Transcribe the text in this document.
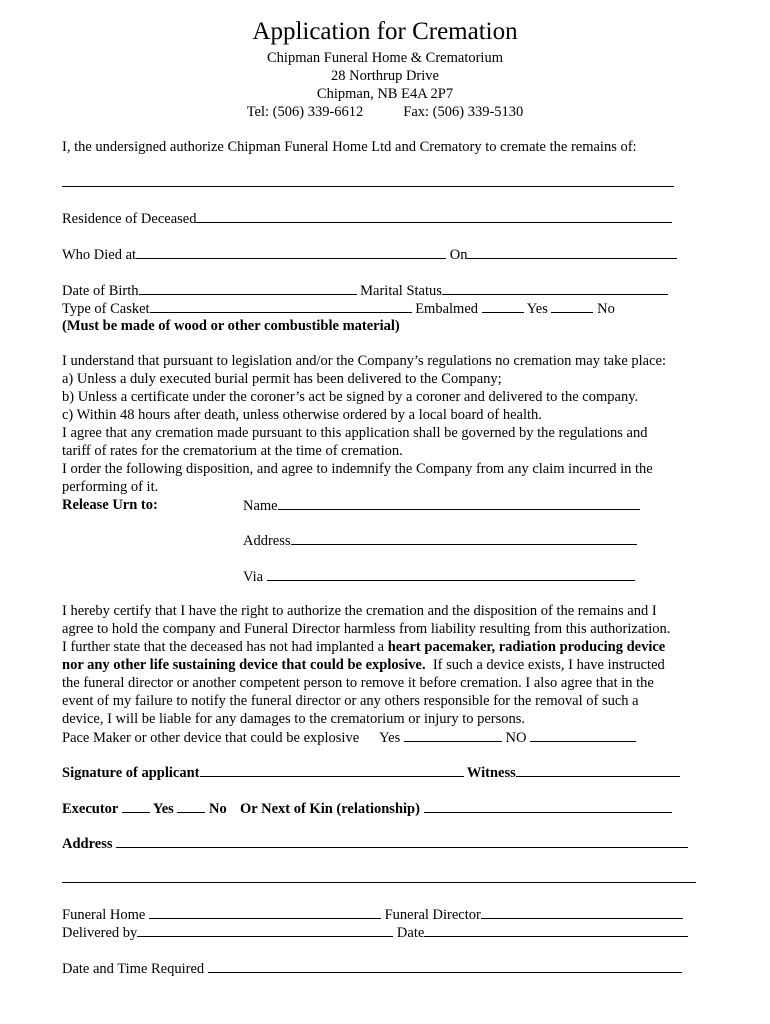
Application for Cremation
Chipman Funeral Home & Crematorium
28 Northrup Drive
Chipman, NB E4A 2P7
Tel: (506) 339-6612	Fax: (506) 339-5130
I, the undersigned authorize Chipman Funeral Home Ltd and Crematory to cremate the remains of:
Residence of Deceased
Who Died at	On
Date of Birth	Marital Status
Type of Casket	Embalmed	Yes	No
(Must be made of wood or other combustible material)
I understand that pursuant to legislation and/or the Company’s regulations no cremation may take place:
a) Unless a duly executed burial permit has been delivered to the Company;
b) Unless a certificate under the coroner’s act be signed by a coroner and delivered to the company.
c) Within 48 hours after death, unless otherwise ordered by a local board of health.
I agree that any cremation made pursuant to this application shall be governed by the regulations and
tariff of rates for the crematorium at the time of cremation.
I order the following disposition, and agree to indemnify the Company from any claim incurred in the
performing of it.
Release Urn to:	Name
Address
Via
I hereby certify that I have the right to authorize the cremation and the disposition of the remains and I
agree to hold the company and Funeral Director harmless from liability resulting from this authorization.
I further state that the deceased has not had implanted a heart pacemaker, radiation producing device
nor any other life sustaining device that could be explosive.  If such a device exists, I have instructed
the funeral director or another competent person to remove it before cremation. I also agree that in the
event of my failure to notify the funeral director or any others responsible for the removal of such a
device, I will be liable for any damages to the crematorium or injury to persons.
Pace Maker or other device that could be explosive Yes	NO
Signature of applicant	Witness
Executor Yes No Or Next of Kin (relationship)
Address
Funeral Home	Funeral Director
Delivered by	Date
Date and Time Required
